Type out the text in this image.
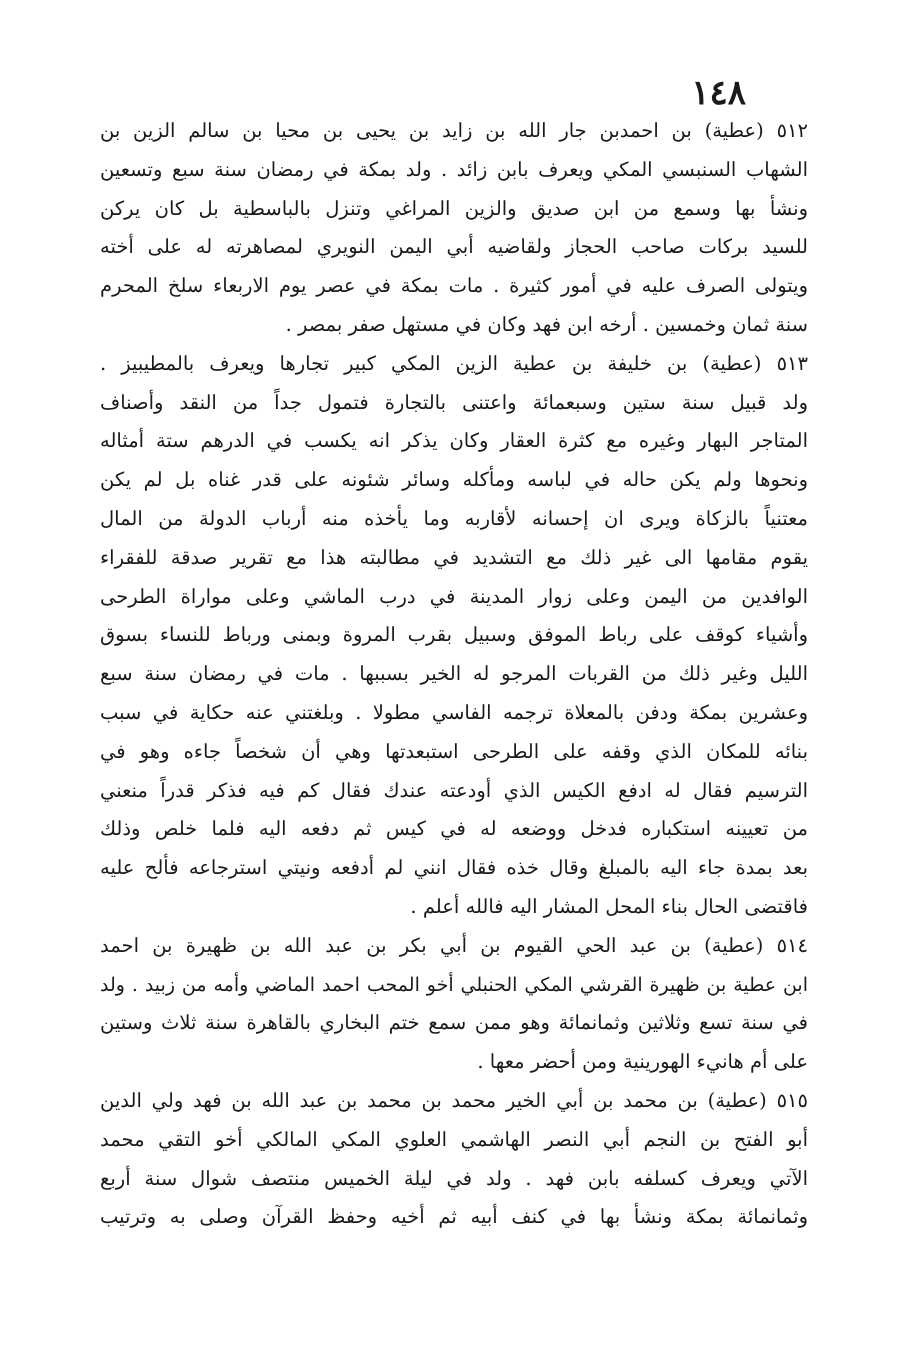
١٤٨
٥١٢ (عطية) بن احمدبن جار الله بن زايد بن يحيى بن محيا بن سالم الزين بن
الشهاب السنبسي المكي ويعرف بابن زائد . ولد بمكة في رمضان سنة سبع وتسعين
ونشأ بها وسمع من ابن صديق والزين المراغي وتنزل بالباسطية بل كان يركن
للسيد بركات صاحب الحجاز ولقاضيه أبي اليمن النويري لمصاهرته له على أخته
ويتولى الصرف عليه في أمور كثيرة . مات بمكة في عصر يوم الاربعاء سلخ المحرم
سنة ثمان وخمسين . أرخه ابن فهد وكان في مستهل صفر بمصر .
٥١٣ (عطية) بن خليفة بن عطية الزين المكي كبير تجارها ويعرف بالمطيبيز .
ولد قبيل سنة ستين وسبعمائة واعتنى بالتجارة فتمول جداً من النقد وأصناف
المتاجر البهار وغيره مع كثرة العقار وكان يذكر انه يكسب في الدرهم ستة أمثاله
ونحوها ولم يكن حاله في لباسه ومأكله وسائر شئونه على قدر غناه بل لم يكن
معتنياً بالزكاة ويرى ان إحسانه لأقاربه وما يأخذه منه أرباب الدولة من المال
يقوم مقامها الى غير ذلك مع التشديد في مطالبته هذا مع تقرير صدقة للفقراء
الوافدين من اليمن وعلى زوار المدينة في درب الماشي وعلى مواراة الطرحى
وأشياء كوقف على رباط الموفق وسبيل بقرب المروة وبمنى ورباط للنساء بسوق
الليل وغير ذلك من القربات المرجو له الخير بسببها . مات في رمضان سنة سبع
وعشرين بمكة ودفن بالمعلاة ترجمه الفاسي مطولا . وبلغتني عنه حكاية في سبب
بنائه للمكان الذي وقفه على الطرحى استبعدتها وهي أن شخصاً جاءه وهو في
الترسيم فقال له ادفع الكيس الذي أودعته عندك فقال كم فيه فذكر قدراً منعني
من تعيينه استكباره فدخل ووضعه له في كيس ثم دفعه اليه فلما خلص وذلك
بعد بمدة جاء اليه بالمبلغ وقال خذه فقال انني لم أدفعه ونيتي استرجاعه فألح عليه
فاقتضى الحال بناء المحل المشار اليه فالله أعلم .
٥١٤ (عطية) بن عبد الحي القيوم بن أبي بكر بن عبد الله بن ظهيرة بن احمد
ابن عطية بن ظهيرة القرشي المكي الحنبلي أخو المحب احمد الماضي وأمه من زبيد . ولد
في سنة تسع وثلاثين وثمانمائة وهو ممن سمع ختم البخاري بالقاهرة سنة ثلاث وستين
على أم هانيء الهورينية ومن أحضر معها .
٥١٥ (عطية) بن محمد بن أبي الخير محمد بن محمد بن عبد الله بن فهد ولي الدين
أبو الفتح بن النجم أبي النصر الهاشمي العلوي المكي المالكي أخو التقي محمد
الآتي ويعرف كسلفه بابن فهد . ولد في ليلة الخميس منتصف شوال سنة أربع
وثمانمائة بمكة ونشأ بها في كنف أبيه ثم أخيه وحفظ القرآن وصلى به وترتيب
